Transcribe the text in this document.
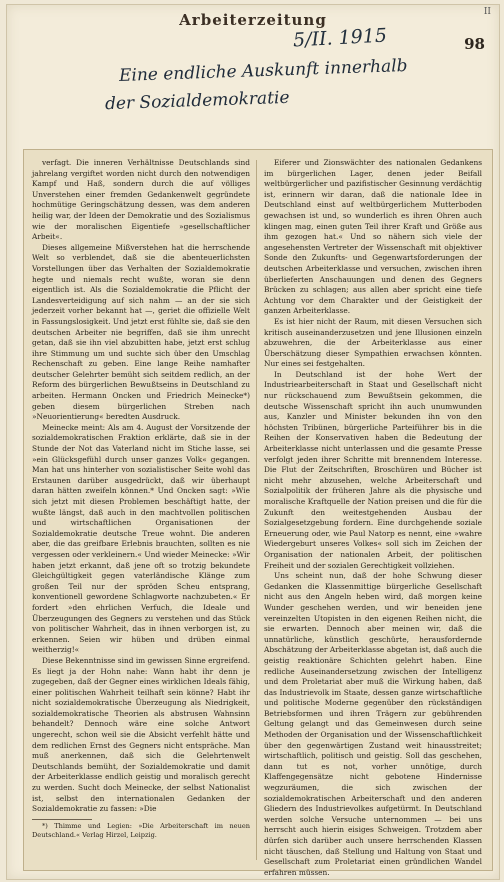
Arbeiterzeitung	II
5/II. 1915	98
Eine endliche Auskunft innerhalb
der Sozialdemokratie

verfagt. Die inneren Verhältnisse Deutschlands sind jahrelang vergiftet worden nicht durch den notwendigen Kampf und Haß, sondern durch die auf völliges Unverstehen einer fremden Gedankenwelt gegründete hochmütige Geringschätzung dessen, was dem anderen heilig war, der Ideen der Demokratie und des Sozialismus wie der moralischen Eigentiefe »gesellschaftlicher Arbeit«.

Dieses allgemeine Mißverstehen hat die herrschende Welt so verblendet, daß sie die abenteuerlichsten Vorstellungen über das Verhalten der Sozialdemokratie hegte und niemals recht wußte, woran sie denn eigentlich ist. Als die Sozialdemokratie die Pflicht der Landesverteidigung auf sich nahm — an der sie sich jederzeit vorher bekannt hat —, geriet die offizielle Welt in Fassungslosigkeit. Und jetzt erst fühlte sie, daß sie den deutschen Arbeiter nie begriffen, daß sie ihm unrecht getan, daß sie ihn viel abzubitten habe, jetzt erst schlug ihre Stimmung um und suchte sich über den Umschlag Rechenschaft zu geben. Eine lange Reihe namhafter deutscher Gelehrter bemüht sich seitdem redlich, an der Reform des bürgerlichen Bewußtseins in Deutschland zu arbeiten. Hermann Oncken und Friedrich Meinecke*) geben diesem bürgerlichen Streben nach »Neuorientierung« beredten Ausdruck.

Meinecke meint: Als am 4. August der Vorsitzende der sozialdemokratischen Fraktion erklärte, daß sie in der Stunde der Not das Vaterland nicht im Stiche lasse, sei »ein Glücksgefühl durch unser ganzes Volk« gegangen. Man hat uns hinterher von sozialistischer Seite wohl das Erstaunen darüber ausgedrückt, daß wir überhaupt daran hätten zweifeln können.* Und Oncken sagt: »Wie sich jetzt mit diesen Problemen beschäftigt hatte, der wußte längst, daß auch in den machtvollen politischen und wirtschaftlichen Organisationen der Sozialdemokratie deutsche Treue wohnt. Die anderen aber, die das greifbare Erlebnis brauchten, sollten es nie vergessen oder verkleinern.« Und wieder Meinecke: »Wir haben jetzt erkannt, daß jene oft so trotzig bekundete Gleichgültigkeit gegen vaterländische Klänge zum großen Teil nur der spröden Scheu entsprang, konventionell gewordene Schlagworte nachzubeten.« Er fordert »den ehrlichen Verfuch, die Ideale und Überzeugungen des Gegners zu verstehen und das Stück von politischer Wahrheit, das in ihnen verborgen ist, zu erkennen. Seien wir hüben und drüben einmal weitherzig!«

Diese Bekenntnisse sind im gewissen Sinne ergreifend. Es liegt ja der Hohn nahe: Wann habt ihr denn je zugegeben, daß der Gegner eines wirklichen Ideals fähig, einer politischen Wahrheit teilhaft sein könne? Habt ihr nicht sozialdemokratische Überzeugung als Niedrigkeit, sozialdemokratische Theorien als abstrusen Wahnsinn behandelt? Dennoch wäre eine solche Antwort ungerecht, schon weil sie die Absicht verfehlt hätte und dem redlichen Ernst des Gegners nicht entspräche. Man muß anerkennen, daß sich die Gelehrtenwelt Deutschlands bemüht, der Sozialdemokratie und damit der Arbeiterklasse endlich geistig und moralisch gerecht zu werden. Sucht doch Meinecke, der selbst Nationalist ist, selbst den internationalen Gedanken der Sozialdemokratie zu fassen: »Die

*) Thimme und Legien: »Die Arbeiterschaft im neuen Deutschland.« Verlag Hirzel, Leipzig.

Eiferer und Zionswächter des nationalen Gedankens im bürgerlichen Lager, denen jeder Beifall weltbürgerlicher und pazifistischer Gesinnung verdächtig ist, erinnern wir daran, daß die nationale Idee in Deutschland einst auf weltbürgerlichem Mutterboden gewachsen ist und, so wunderlich es ihren Ohren auch klingen mag, einen guten Teil ihrer Kraft und Größe aus ihm gezogen hat.« Und so nähern sich viele der angesehensten Vertreter der Wissenschaft mit objektiver Sonde den Zukunfts- und Gegenwartsforderungen der deutschen Arbeiterklasse und versuchen, zwischen ihren überlieferten Anschauungen und denen des Gegners Brücken zu schlagen; aus allen aber spricht eine tiefe Achtung vor dem Charakter und der Geistigkeit der ganzen Arbeiterklasse.

Es ist hier nicht der Raum, mit diesen Versuchen sich kritisch auseinanderzusetzen und jene Illusionen einzeln abzuwehren, die der Arbeiterklasse aus einer Überschätzung dieser Sympathien erwachsen könnten. Nur eines sei festgehalten.

In Deutschland ist der hohe Wert der Industriearbeiterschaft in Staat und Gesellschaft nicht nur rückschauend zum Bewußtsein gekommen, die deutsche Wissenschaft spricht ihn auch unumwunden aus, Kanzler und Minister bekunden ihn von den höchsten Tribünen, bürgerliche Parteiführer bis in die Reihen der Konservativen haben die Bedeutung der Arbeiterklasse nicht unterlassen und die gesamte Presse verfolgt jeden ihrer Schritte mit brennendem Interesse. Die Flut der Zeitschriften, Broschüren und Bücher ist nicht mehr abzusehen, welche Arbeiterschaft und Sozialpolitik der früheren Jahre als die physische und moralische Kraftquelle der Nation preisen und die für die Zukunft den weitestgehenden Ausbau der Sozialgesetzgebung fordern. Eine durchgehende soziale Erneuerung oder, wie Paul Natorp es nennt, eine »wahre Wiedergeburt unseres Volkes« soll sich im Zeichen der Organisation der nationalen Arbeit, der politischen Freiheit und der sozialen Gerechtigkeit vollziehen.

Uns scheint nun, daß der hohe Schwung dieser Gedanken die Klassenmittige bürgerliche Gesellschaft nicht aus den Angeln heben wird, daß morgen keine Wunder geschehen werden, und wir beneiden jene vereinzelten Utopisten in den eigenen Reihen nicht, die sie erwarten. Dennoch aber meinen wir, daß die unnatürliche, künstlich geschürte, herausfordernde Abschätzung der Arbeiterklasse abgetan ist, daß auch die geistig reaktionäre Schichten gelehrt haben. Eine redliche Auseinandersetzung zwischen der Intelligenz und dem Proletariat aber muß die Wirkung haben, daß das Industrievolk im Staate, dessen ganze wirtschaftliche und politische Moderne gegenüber den rückständigen Betriebsformen und ihren Trägern zur gebührenden Geltung gelangt und das Gemeinwesen durch seine Methoden der Organisation und der Wissenschaftlichkeit über den gegenwärtigen Zustand weit hinausstreitet; wirtschaftlich, politisch und geistig. Soll das geschehen, dann tut es not, vorher unnötige, durch Klaffengegensätze nicht gebotene Hindernisse wegzuräumen, die sich zwischen der sozialdemokratischen Arbeiterschaft und den anderen Gliedern des Industrievolkes aufgetürmt. In Deutschland werden solche Versuche unternommen — bei uns herrscht auch hierin eisiges Schweigen. Trotzdem aber dürfen sich darüber auch unsere herrschenden Klassen nicht täuschen, daß Stellung und Haltung von Staat und Gesellschaft zum Proletariat einen gründlichen Wandel erfahren müssen.
